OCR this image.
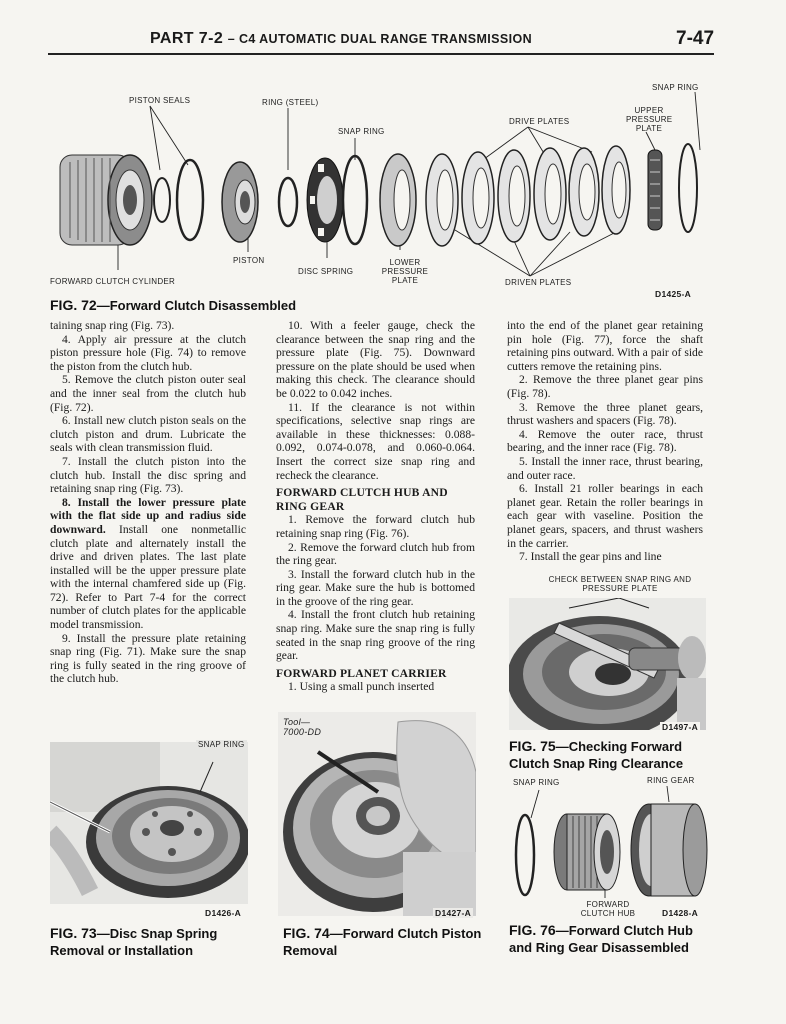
PART 7-2 – C4 AUTOMATIC DUAL RANGE TRANSMISSION	7-47
PISTON SEALS	RING (STEEL)
SNAP RING
DRIVE PLATES
SNAP RING
UPPER PRESSURE PLATE
FORWARD CLUTCH CYLINDER
PISTON
DISC SPRING
LOWER PRESSURE PLATE	DRIVEN PLATES
D1425-A
FIG. 72—Forward Clutch Disassembled

taining snap ring (Fig. 73).

4. Apply air pressure at the clutch piston pressure hole (Fig. 74) to remove the piston from the clutch hub.

5. Remove the clutch piston outer seal and the inner seal from the clutch hub (Fig. 72).

6. Install new clutch piston seals on the clutch piston and drum. Lubricate the seals with clean transmission fluid.

7. Install the clutch piston into the clutch hub. Install the disc spring and retaining snap ring (Fig. 73).

8. Install the lower pressure plate with the flat side up and radius side downward. Install one nonmetallic clutch plate and alternately install the drive and driven plates. The last plate installed will be the upper pressure plate with the internal chamfered side up (Fig. 72). Refer to Part 7-4 for the correct number of clutch plates for the applicable model transmission.

9. Install the pressure plate retaining snap ring (Fig. 71). Make sure the snap ring is fully seated in the ring groove of the clutch hub.

10. With a feeler gauge, check the clearance between the snap ring and the pressure plate (Fig. 75). Downward pressure on the plate should be used when making this check. The clearance should be 0.022 to 0.042 inches.

11. If the clearance is not within specifications, selective snap rings are available in these thicknesses: 0.088-0.092, 0.074-0.078, and 0.060-0.064. Insert the correct size snap ring and recheck the clearance.

FORWARD CLUTCH HUB AND RING GEAR

1. Remove the forward clutch hub retaining snap ring (Fig. 76).

2. Remove the forward clutch hub from the ring gear.

3. Install the forward clutch hub in the ring gear. Make sure the hub is bottomed in the groove of the ring gear.

4. Install the front clutch hub retaining snap ring. Make sure the snap ring is fully seated in the snap ring groove of the ring gear.

FORWARD PLANET CARRIER

1. Using a small punch inserted

into the end of the planet gear retaining pin hole (Fig. 77), force the shaft retaining pins outward. With a pair of side cutters remove the retaining pins.

2. Remove the three planet gear pins (Fig. 78).

3. Remove the three planet gears, thrust washers and spacers (Fig. 78).

4. Remove the outer race, thrust bearing, and the inner race (Fig. 78).

5. Install the inner race, thrust bearing, and outer race.

6. Install 21 roller bearings in each planet gear. Retain the roller bearings in each gear with vaseline. Position the planet gears, spacers, and thrust washers in the carrier.

7. Install the gear pins and line

CHECK BETWEEN SNAP RING AND PRESSURE PLATE
D1497-A
FIG. 75—Checking Forward Clutch Snap Ring Clearance
SNAP RING
D1426-A
FIG. 73—Disc Snap Spring Removal or Installation
Tool—7000-DD
D1427-A
FIG. 74—Forward Clutch Piston Removal
SNAP RING	RING GEAR
FORWARD CLUTCH HUB	D1428-A
FIG. 76—Forward Clutch Hub and Ring Gear Disassembled
